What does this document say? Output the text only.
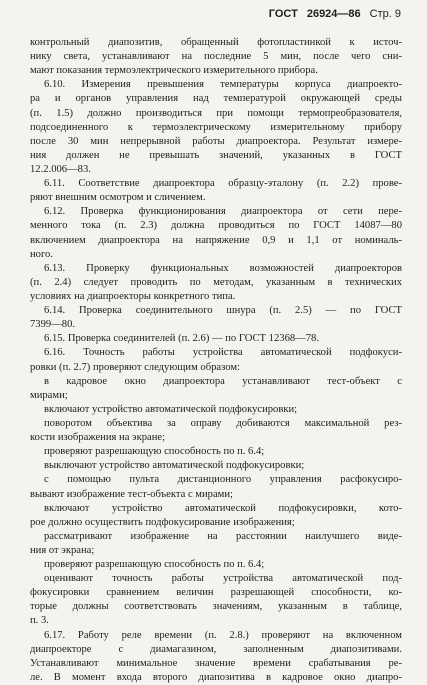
ГОСТ 26924—86 Стр. 9
контрольный диапозитив, обращенный фотопластинкой к источ-
нику света, устанавливают на последние 5 мин, после чего сни-
мают показания термоэлектрического измерительного прибора.
6.10. Измерения превышения температуры корпуса диапроекто-
ра и органов управления над температурой окружающей среды
(п. 1.5) должно производиться при помощи термопреобразователя,
подсоединенного к термоэлектрическому измерительному прибору
после 30 мин непрерывной работы диапроектора. Результат измере-
ния должен не превышать значений, указанных в ГОСТ
12.2.006—83.
6.11. Соответствие диапроектора образцу-эталону (п. 2.2) прове-
ряют внешним осмотром и сличением.
6.12. Проверка функционирования диапроектора от сети пере-
менного тока (п. 2.3) должна проводиться по ГОСТ 14087—80
включением диапроектора на напряжение 0,9 и 1,1 от номиналь-
ного.
6.13. Проверку функциональных возможностей диапроекторов
(п. 2.4) следует проводить по методам, указанным в технических
условиях на диапроекторы конкретного типа.
6.14. Проверка соединительного шнура (п. 2.5) — по ГОСТ
7399—80.
6.15. Проверка соединителей (п. 2.6) — по ГОСТ 12368—78.
6.16. Точность работы устройства автоматической подфокуси-
ровки (п. 2.7) проверяют следующим образом:
в кадровое окно диапроектора устанавливают тест-объект с
мирами;
включают устройство автоматической подфокусировки;
поворотом объектива за оправу добиваются максимальной рез-
кости изображения на экране;
проверяют разрешающую способность по п. 6.4;
выключают устройство автоматической подфокусировки;
с помощью пульта дистанционного управления расфокусиро-
вывают изображение тест-объекта с мирами;
включают устройство автоматической подфокусировки, кото-
рое должно осуществить подфокусирование изображения;
рассматривают изображение на расстоянии наилучшего виде-
ния от экрана;
проверяют разрешающую способность по п. 6.4;
оценивают точность работы устройства автоматической под-
фокусировки сравнением величин разрешающей способности, ко-
торые должны соответствовать значениям, указанным в таблице,
п. 3.
6.17. Работу реле времени (п. 2.8.) проверяют на включенном
диапроекторе с диамагазином, заполненным диапозитивами.
Устанавливают минимальное значение времени срабатывания ре-
ле. В момент входа второго диапозитива в кадровое окно диапро-
